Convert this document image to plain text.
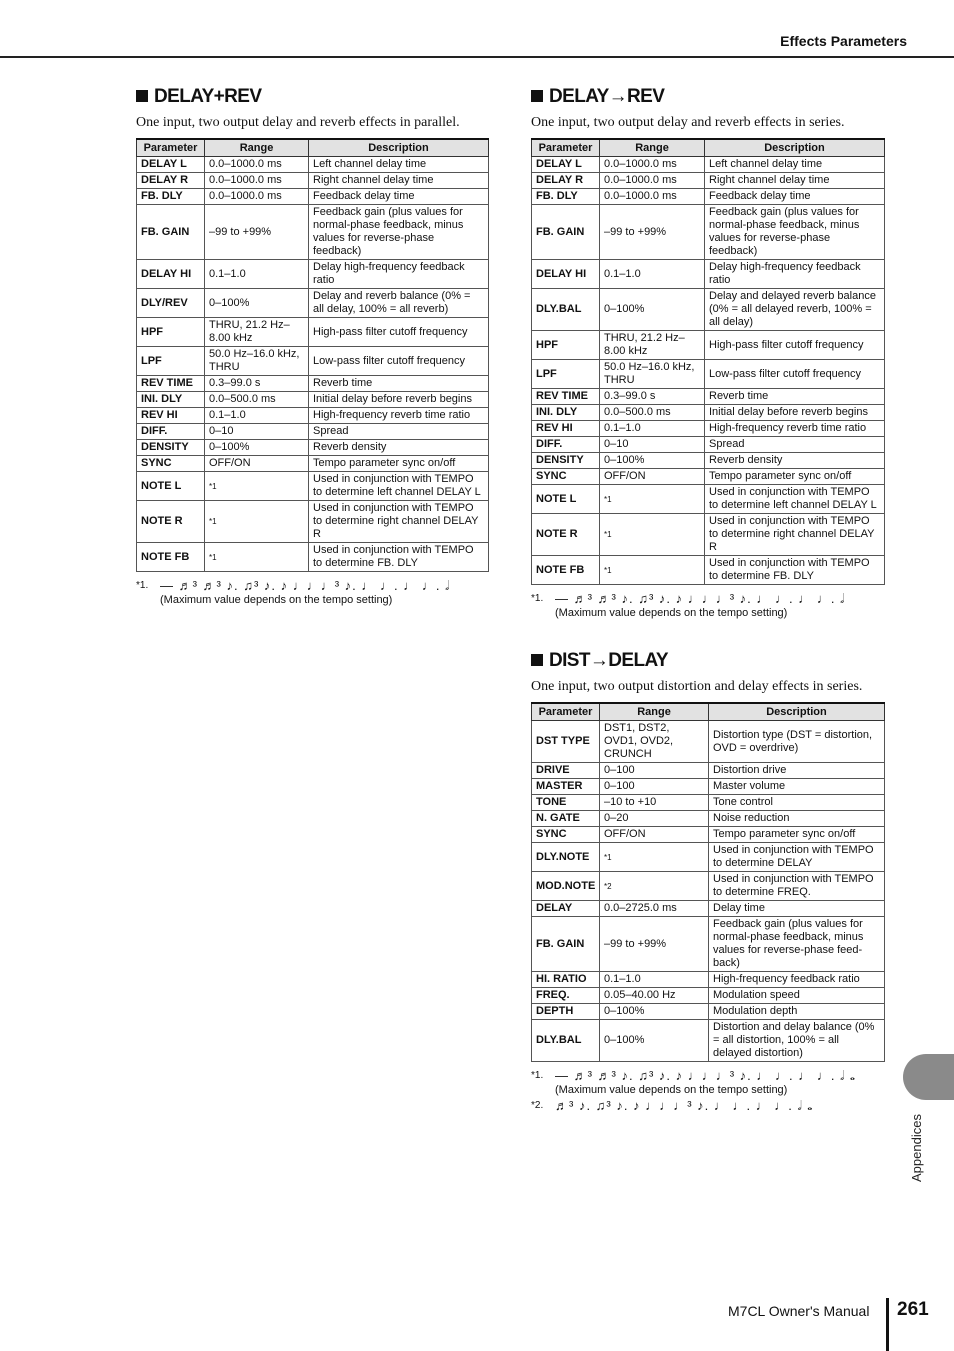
Effects Parameters
DELAY+REV
One input, two output delay and reverb effects in parallel.
Parameter	Range	Description
DELAY L	0.0–1000.0 ms	Left channel delay time
DELAY R	0.0–1000.0 ms	Right channel delay time
FB. DLY	0.0–1000.0 ms	Feedback delay time
FB. GAIN	–99 to +99%	Feedback gain (plus values for normal-phase feedback, minus values for reverse-phase feedback)
DELAY HI	0.1–1.0	Delay high-frequency feedback ratio
DLY/REV	0–100%	Delay and reverb balance (0% = all delay, 100% = all reverb)
HPF	THRU, 21.2 Hz–8.00 kHz	High-pass filter cutoff frequency
LPF	50.0 Hz–16.0 kHz, THRU	Low-pass filter cutoff frequency
REV TIME	0.3–99.0 s	Reverb time
INI. DLY	0.0–500.0 ms	Initial delay before reverb begins
REV HI	0.1–1.0	High-frequency reverb time ratio
DIFF.	0–10	Spread
DENSITY	0–100%	Reverb density
SYNC	OFF/ON	Tempo parameter sync on/off
NOTE L	*1	Used in conjunction with TEMPO to determine left channel DELAY L
NOTE R	*1	Used in conjunction with TEMPO to determine right channel DELAY R
NOTE FB	*1	Used in conjunction with TEMPO to determine FB. DLY
*1. — ♬³ ♬³ ♪. ♫³ ♪. ♪ ♩♩♩³ ♪. ♩ ♩. ♩ ♩. 𝅗𝅥
(Maximum value depends on the tempo setting)
DELAY→REV
One input, two output delay and reverb effects in series.
Parameter	Range	Description
DELAY L	0.0–1000.0 ms	Left channel delay time
DELAY R	0.0–1000.0 ms	Right channel delay time
FB. DLY	0.0–1000.0 ms	Feedback delay time
FB. GAIN	–99 to +99%	Feedback gain (plus values for normal-phase feedback, minus values for reverse-phase feedback)
DELAY HI	0.1–1.0	Delay high-frequency feedback ratio
DLY.BAL	0–100%	Delay and delayed reverb balance (0% = all delayed reverb, 100% = all delay)
HPF	THRU, 21.2 Hz–8.00 kHz	High-pass filter cutoff frequency
LPF	50.0 Hz–16.0 kHz, THRU	Low-pass filter cutoff frequency
REV TIME	0.3–99.0 s	Reverb time
INI. DLY	0.0–500.0 ms	Initial delay before reverb begins
REV HI	0.1–1.0	High-frequency reverb time ratio
DIFF.	0–10	Spread
DENSITY	0–100%	Reverb density
SYNC	OFF/ON	Tempo parameter sync on/off
NOTE L	*1	Used in conjunction with TEMPO to determine left channel DELAY L
NOTE R	*1	Used in conjunction with TEMPO to determine right channel DELAY R
NOTE FB	*1	Used in conjunction with TEMPO to determine FB. DLY
*1. — ♬³ ♬³ ♪. ♫³ ♪. ♪ ♩♩♩³ ♪. ♩ ♩. ♩ ♩. 𝅗𝅥
(Maximum value depends on the tempo setting)
DIST→DELAY
One input, two output distortion and delay effects in series.
Parameter	Range	Description
DST TYPE	DST1, DST2, OVD1, OVD2, CRUNCH	Distortion type (DST = distortion, OVD = overdrive)
DRIVE	0–100	Distortion drive
MASTER	0–100	Master volume
TONE	–10 to +10	Tone control
N. GATE	0–20	Noise reduction
SYNC	OFF/ON	Tempo parameter sync on/off
DLY.NOTE	*1	Used in conjunction with TEMPO to determine DELAY
MOD.NOTE	*2	Used in conjunction with TEMPO to determine FREQ.
DELAY	0.0–2725.0 ms	Delay time
FB. GAIN	–99 to +99%	Feedback gain (plus values for normal-phase feedback, minus values for reverse-phase feed-back)
HI. RATIO	0.1–1.0	High-frequency feedback ratio
FREQ.	0.05–40.00 Hz	Modulation speed
DEPTH	0–100%	Modulation depth
DLY.BAL	0–100%	Distortion and delay balance (0% = all distortion, 100% = all delayed distortion)
*1. — ♬³ ♬³ ♪. ♫³ ♪. ♪ ♩♩♩³ ♪. ♩ ♩. ♩ ♩. 𝅗𝅥 𝅝
(Maximum value depends on the tempo setting)
*2. ♬³ ♪. ♫³ ♪. ♪ ♩♩♩³ ♪. ♩ ♩. ♩ ♩. 𝅗𝅥 𝅝
Appendices
M7CL Owner's Manual 261
